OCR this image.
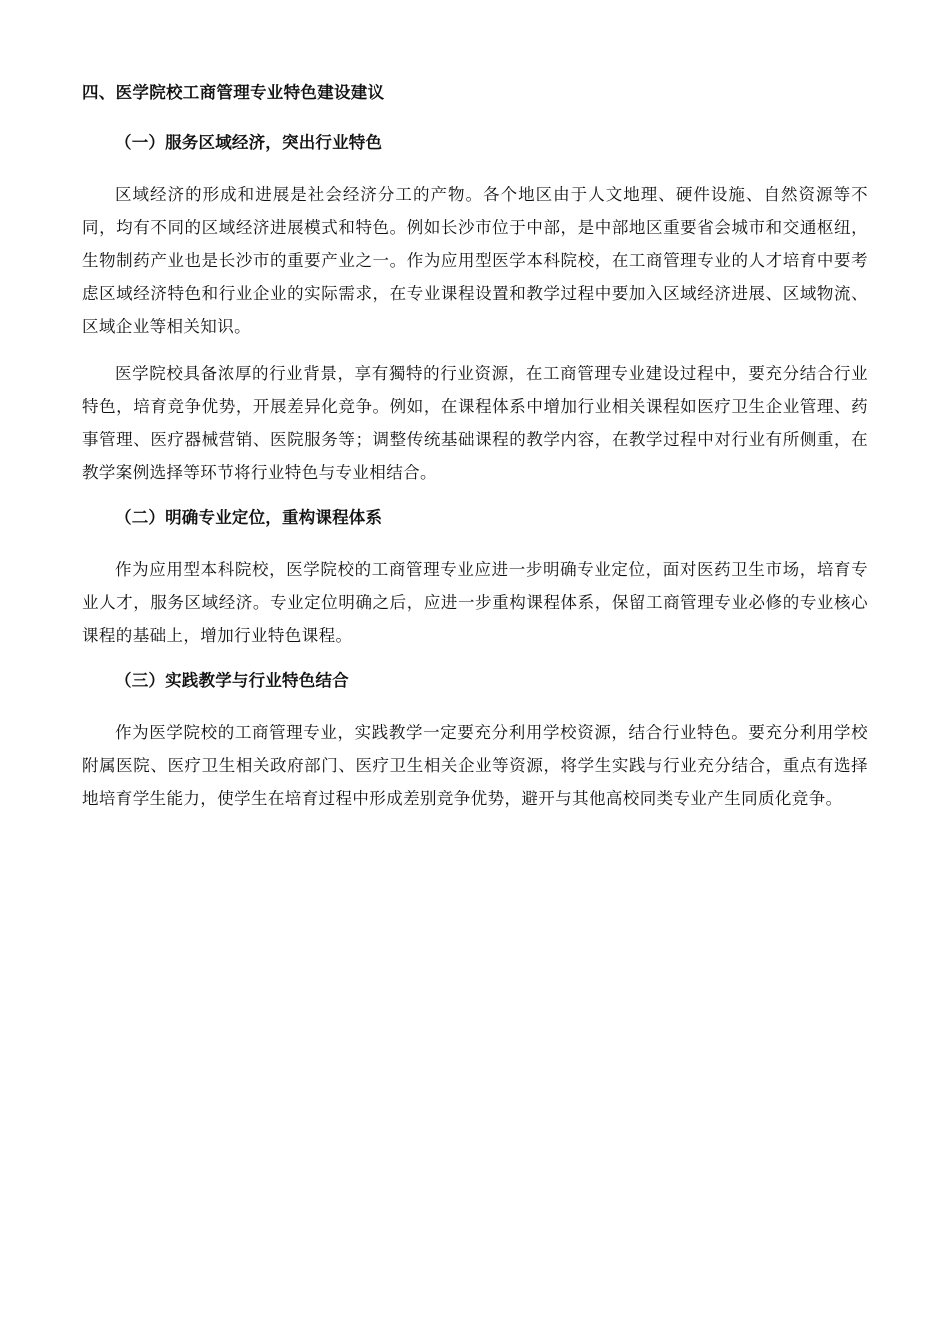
四、医学院校工商管理专业特色建设建议
（一）服务区域经济，突出行业特色

区域经济的形成和进展是社会经济分工的产物。各个地区由于人文地理、硬件设施、自然资源等不同，均有不同的区域经济进展模式和特色。例如长沙市位于中部，是中部地区重要省会城市和交通枢纽，生物制药产业也是长沙市的重要产业之一。作为应用型医学本科院校，在工商管理专业的人才培育中要考虑区域经济特色和行业企业的实际需求，在专业课程设置和教学过程中要加入区域经济进展、区域物流、区域企业等相关知识。

医学院校具备浓厚的行业背景，享有獨特的行业资源，在工商管理专业建设过程中，要充分结合行业特色，培育竞争优势，开展差异化竞争。例如，在课程体系中增加行业相关课程如医疗卫生企业管理、药事管理、医疗器械营销、医院服务等；调整传统基础课程的教学内容，在教学过程中对行业有所侧重，在教学案例选择等环节将行业特色与专业相结合。

（二）明确专业定位，重构课程体系

作为应用型本科院校，医学院校的工商管理专业应进一步明确专业定位，面对医药卫生市场，培育专业人才，服务区域经济。专业定位明确之后，应进一步重构课程体系，保留工商管理专业必修的专业核心课程的基础上，增加行业特色课程。

（三）实践教学与行业特色结合

作为医学院校的工商管理专业，实践教学一定要充分利用学校资源，结合行业特色。要充分利用学校附属医院、医疗卫生相关政府部门、医疗卫生相关企业等资源，将学生实践与行业充分结合，重点有选择地培育学生能力，使学生在培育过程中形成差别竞争优势，避开与其他高校同类专业产生同质化竞争。
